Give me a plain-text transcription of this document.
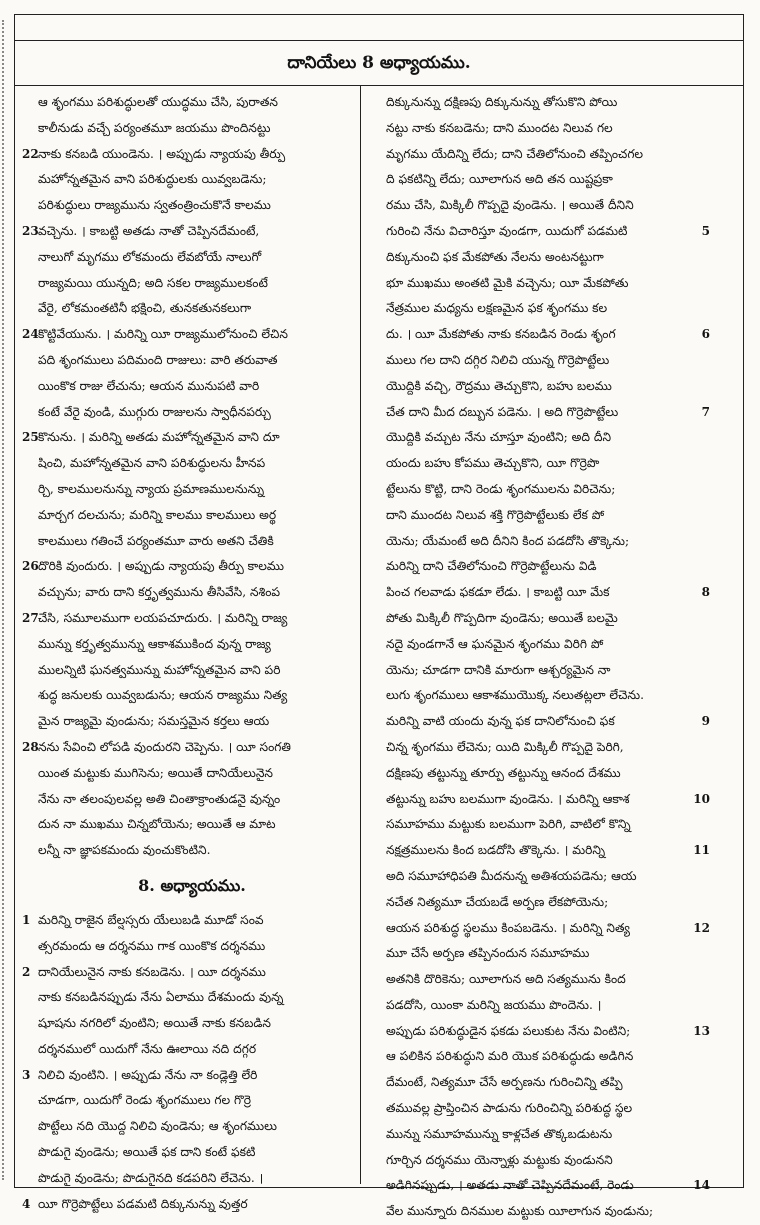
దానియేలు 8 అధ్యాయము.
ఆ శృంగము పరిశుద్ధులతో యుద్ధము చేసి, పురాతన
కాలీనుడు వచ్చే పర్యంతమూ జయము పొందినట్టు
22 నాకు కనబడి యుండెను. । అప్పుడు న్యాయపు తీర్పు
మహోన్నతమైన వాని పరిశుద్ధులకు యివ్వబడెను;
పరిశుద్ధులు రాజ్యమును స్వతంత్రించుకొనే కాలము
23 వచ్చెను. । కాబట్టి అతడు నాతో చెప్పినదేమంటే,
నాలుగో మృగము లోకమందు లేవబోయే నాలుగో
రాజ్యమయి యున్నది; అది సకల రాజ్యములకంటే
వేరై, లోకమంతటినీ భక్షించి, తునకతునకలుగా
24 కొట్టివేయును. । మరిన్ని యీ రాజ్యములోనుంచి లేచిన
పది శృంగములు పదిమంది రాజులు: వారి తరువాత
యింకొక రాజు లేచును; ఆయన మునుపటి వారి
కంటే వేరై వుండి, ముగ్గురు రాజులను స్వాధీనపర్చు
25 కొనును. । మరిన్ని అతడు మహోన్నతమైన వాని దూ
షించి, మహోన్నతమైన వాని పరిశుద్ధులను హీనప
ర్చి, కాలములనున్ను న్యాయ ప్రమాణములనున్ను
మార్చగ దలచును; మరిన్ని కాలము కాలములు అర్థ
కాలములు గతించే పర్యంతమూ వారు అతని చేతికి
26 దొరికి వుందురు. । అప్పుడు న్యాయపు తీర్పు కాలము
వచ్చును; వారు దాని కర్తృత్వమును తీసివేసి, నశింప
27 చేసి, సమూలముగా లయపచూదురు. । మరిన్ని రాజ్య
మున్ను కర్తృత్వమున్ను ఆకాశముకింద వున్న రాజ్య
ములన్నిటి ఘనత్వమున్ను మహోన్నతమైన వాని పరి
శుద్ధ జనులకు యివ్వబడును; ఆయన రాజ్యము నిత్య
మైన రాజ్యమై వుండును; సమస్తమైన కర్తలు ఆయ
28 నను సేవించి లోపడి వుందురని చెప్పెను. । యీ సంగతి
యింత మట్టుకు ముగిసెను; అయితే దానియేలునైన
నేను నా తలంపులవల్ల అతి చింతాక్రాంతుడనై వున్నం
దున నా ముఖము చిన్నబోయెను; అయితే ఆ మాట
లన్నీ నా జ్ఞాపకమందు వుంచుకొంటిని.
8. అధ్యాయము.
1 మరిన్ని రాజైన బేల్షస్సరు యేలుబడి మూడో సంవ
త్సరమందు ఆ దర్శనము గాక యింకొక దర్శనము
2 దానియేలునైన నాకు కనబడెను. । యీ దర్శనము
నాకు కనబడినప్పుడు నేను ఏలాము దేశమందు వున్న
షూషను నగరిలో వుంటిని; అయితే నాకు కనబడిన
దర్శనములో యిదుగో నేను ఊలాయి నది దగ్గర
3 నిలిచి వుంటిని. । అప్పుడు నేను నా కండ్లెత్తి లేరి
చూడగా, యిదుగో రెండు శృంగములు గల గొర్రె
పొట్టేలు నది యొద్ద నిలిచి వుండెను; ఆ శృంగములు
పొడుగై వుండెను; అయితే ఫక దాని కంటే ఫకటి
పొడుగై వుండెను; పొడుగైనది కడపరిని లేచెను. ।
4 యీ గొర్రెపొట్టేలు పడమటి దిక్కునున్ను వుత్తర
దిక్కునున్ను దక్షిణపు దిక్కునున్ను తోసుకొని పోయి
నట్టు నాకు కనబడెను; దాని ముందట నిలువ గల
మృగము యేదిన్ని లేదు; దాని చేతిలోనుంచి తప్పించగల
ది ఫకటిన్ని లేదు; యీలాగున అది తన యిష్టప్రకా
రము చేసి, మిక్కిలీ గొప్పదై వుండెను. । అయితే దీనిని
5
గురించి నేను విచారిస్తూ వుండగా, యిదుగో పడమటి
దిక్కునుంచి ఫక మేకపోతు నేలను అంటనట్టుగా
భూ ముఖము అంతటి మైకి వచ్చెను; యీ మేకపోతు
నేత్రముల మధ్యను లక్షణమైన ఫక శృంగము కల
6
దు. । యీ మేకపోతు నాకు కనబడిన రెండు శృంగ
ములు గల దాని దగ్గిర నిలిచి యున్న గొర్రెపొట్టేలు
యొద్దికి వచ్చి, రౌద్రము తెచ్చుకొని, బహు బలము
7
చేత దాని మీద దబ్బున పడెను. । అది గొర్రెపొట్టేలు
యొద్దికి వచ్చుట నేను చూస్తూ వుంటిని; అది దీని
యందు బహు కోపము తెచ్చుకొని, యీ గొర్రెపొ
ట్టేలును కొట్టి, దాని రెండు శృంగములను విరిచెను;
దాని ముందట నిలువ శక్తి గొర్రెపొట్టేలుకు లేక పో
యెను; యేమంటే అది దీనిని కింద పడదోసి తొక్కెను;
మరిన్ని దాని చేతిలోనుంచి గొర్రెపొట్టేలును విడి
8
పించ గలవాడు ఫకడూ లేడు. । కాబట్టి యీ మేక
పోతు మిక్కిలీ గొప్పదిగా వుండెను; అయితే బలమై
నదై వుండగానే ఆ ఘనమైన శృంగము విరిగి పో
యెను; చూడగా దానికి మారుగా ఆశ్చర్యమైన నా
లుగు శృంగములు ఆకాశముయొక్క నలుతట్లలా లేచెను.
9
మరిన్ని వాటి యందు వున్న ఫక దానిలోనుంచి ఫక
చిన్న శృంగము లేచెను; యిది మిక్కిలీ గొప్పదై పెరిగి,
దక్షిణపు తట్టున్ను తూర్పు తట్టున్ను ఆనంద దేశము
10
తట్టున్ను బహు బలముగా వుండెను. । మరిన్ని ఆకాశ
సమూహము మట్టుకు బలముగా పెరిగి, వాటిలో కొన్ని
11
నక్షత్రములను కింద బడదోసి తొక్కెను. । మరిన్ని
అది సమూహాధిపతి మీదనున్న అతిశయపడెను; ఆయ
నచేత నిత్యమూ చేయబడే అర్పణ లేకపోయెను;
12
ఆయన పరిశుద్ధ స్థలము కింపబడెను. । మరిన్ని నిత్య
మూ చేసే అర్పణ తప్పినందున సమూహము
అతనికి దొరికెను; యీలాగున అది సత్యమును కింద
పడదోసి, యింకా మరిన్ని జయము పొందెను. ।
13
అప్పుడు పరిశుద్ధుడైన ఫకడు పలుకుట నేను వింటిని;
ఆ పలికిన పరిశుద్ధుని మరి యొక పరిశుద్ధుడు అడిగిన
దేమంటే, నిత్యమూ చేసే అర్పణను గురించిన్ని తప్పి
తమువల్ల ప్రాప్తించిన పాడును గురించిన్ని పరిశుద్ధ స్థల
మున్ను సమూహమున్ను కాళ్లచేత తొక్కబడుటను
గూర్చిన దర్శనము యెన్నాళ్లు మట్టుకు వుండునని
14
అడిగినప్పుడు, । అతడు నాతో చెప్పినదేమంటే, రెండు
వేల మున్నూరు దినముల మట్టుకు యీలాగున వుండును;
